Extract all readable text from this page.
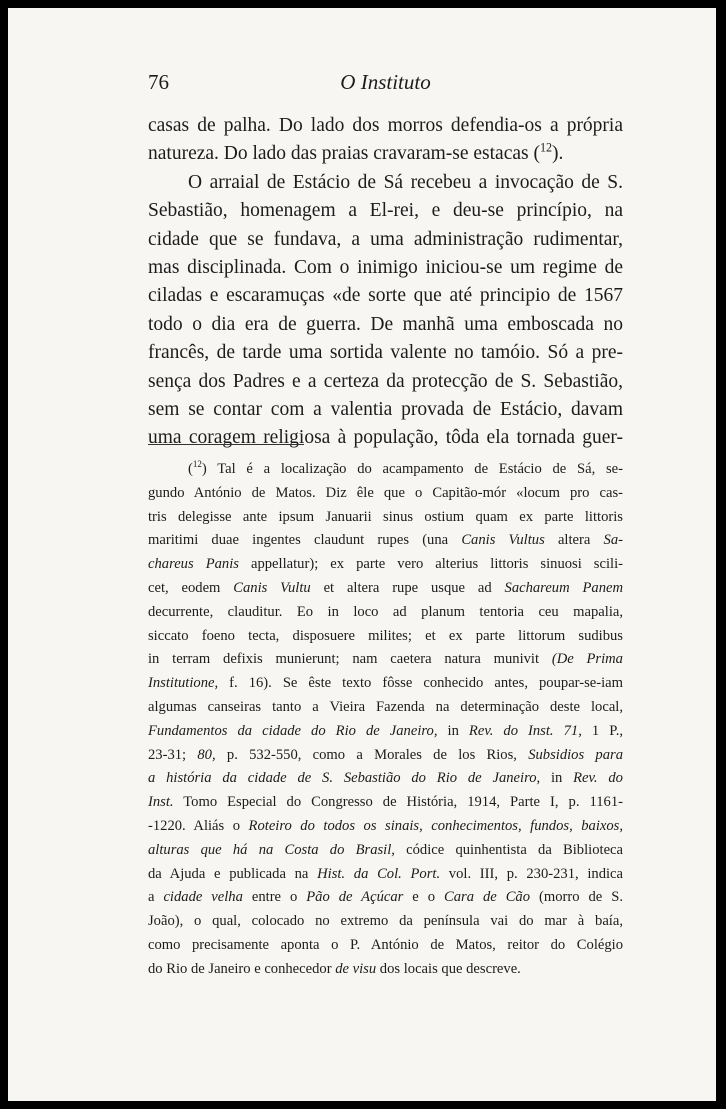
76	O Instituto

casas de palha. Do lado dos morros defendia-os a própria

natureza. Do lado das praias cravaram-se estacas ($^{12}$).

O arraial de Estácio de Sá recebeu a invocação de S.

Sebastião, homenagem a El-rei, e deu-se princípio, na

cidade que se fundava, a uma administração rudimentar,

mas disciplinada. Com o inimigo iniciou-se um regime de

ciladas e escaramuças «de sorte que até principio de 1567

todo o dia era de guerra. De manhã uma emboscada no

francês, de tarde uma sortida valente no tamóio. Só a pre-

sença dos Padres e a certeza da protecção de S. Sebastião,

sem se contar com a valentia provada de Estácio, davam

uma coragem religiosa à população, tôda ela tornada guer-

($^{12}$) Tal é a localização do acampamento de Estácio de Sá, se-

gundo António de Matos. Diz êle que o Capitão-mór «locum pro cas-

tris delegisse ante ipsum Januarii sinus ostium quam ex parte littoris

maritimi duae ingentes claudunt rupes (una Canis Vultus altera Sa-

chareus Panis appellatur); ex parte vero alterius littoris sinuosi scili-

cet, eodem Canis Vultu et altera rupe usque ad Sachareum Panem

decurrente, clauditur. Eo in loco ad planum tentoria ceu mapalia,

siccato foeno tecta, disposuere milites; et ex parte littorum sudibus

in terram defixis munierunt; nam caetera natura munivit (De Prima

Institutione, f. 16). Se êste texto fôsse conhecido antes, poupar-se-iam

algumas canseiras tanto a Vieira Fazenda na determinação deste local,

Fundamentos da cidade do Rio de Janeiro, in Rev. do Inst. 71, 1 P.,

23-31; 80, p. 532-550, como a Morales de los Rios, Subsidios para

a história da cidade de S. Sebastião do Rio de Janeiro, in Rev. do

Inst. Tomo Especial do Congresso de História, 1914, Parte I, p. 1161-

-1220. Aliás o Roteiro do todos os sinais, conhecimentos, fundos, baixos,

alturas que há na Costa do Brasil, códice quinhentista da Biblioteca

da Ajuda e publicada na Hist. da Col. Port. vol. III, p. 230-231, indica

a cidade velha entre o Pão de Açúcar e o Cara de Cão (morro de S.

João), o qual, colocado no extremo da península vai do mar à baía,

como precisamente aponta o P. António de Matos, reitor do Colégio

do Rio de Janeiro e conhecedor de visu dos locais que descreve.
